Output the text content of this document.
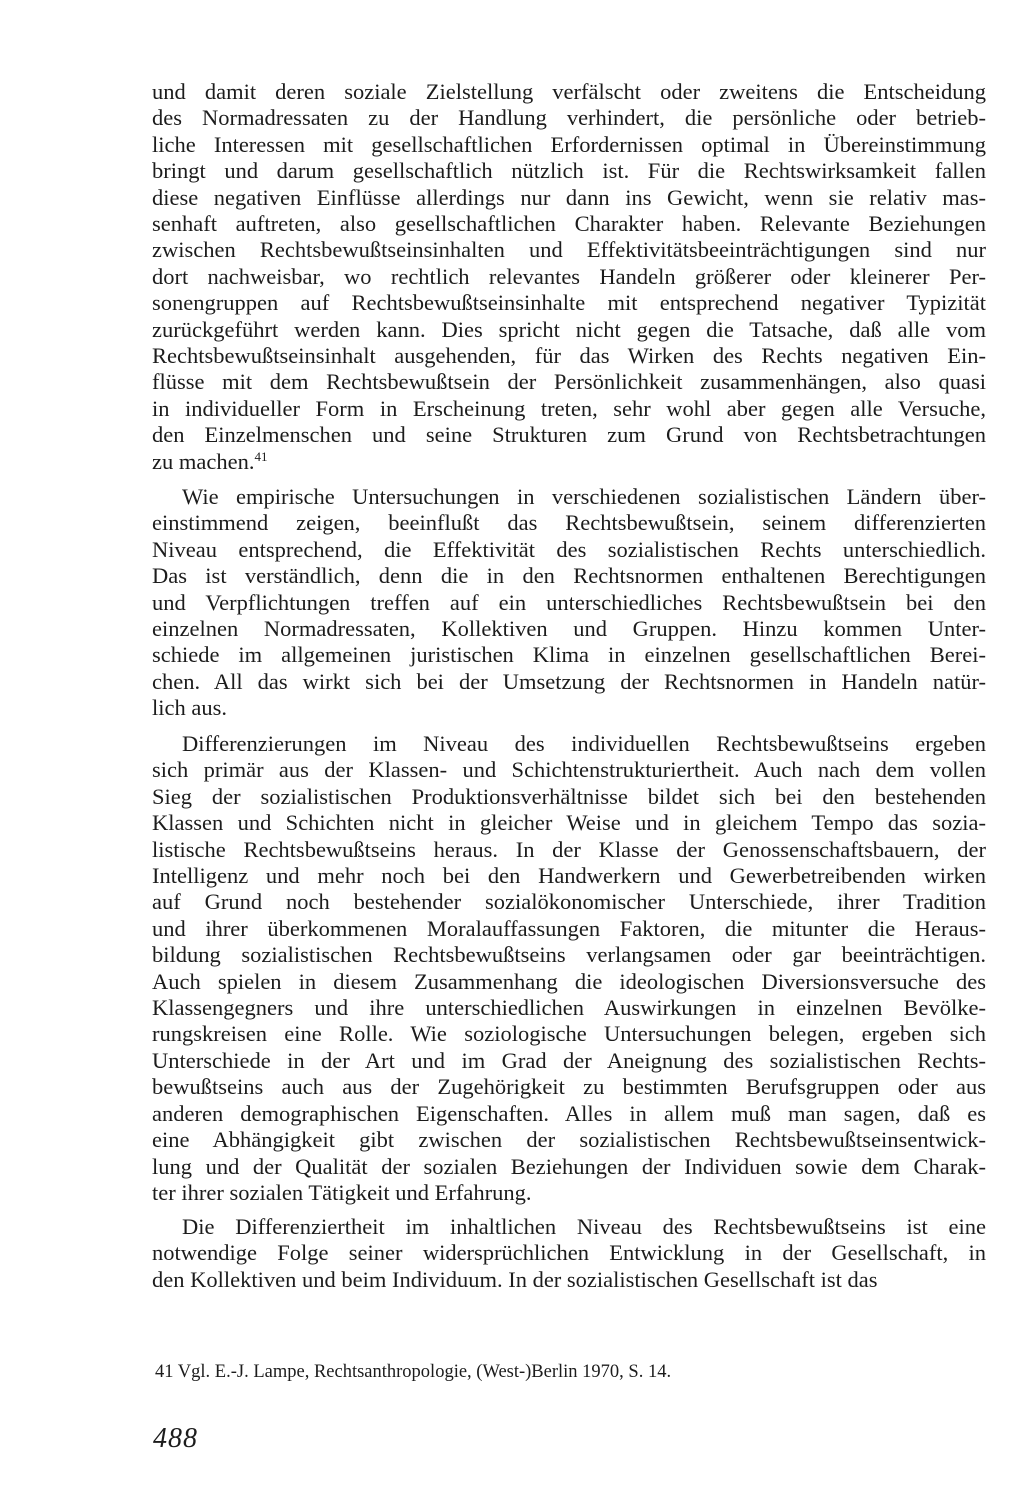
und damit deren soziale Zielstellung verfälscht oder zweitens die Entscheidung
des Normadressaten zu der Handlung verhindert, die persönliche oder betrieb-
liche Interessen mit gesellschaftlichen Erfordernissen optimal in Übereinstimmung
bringt und darum gesellschaftlich nützlich ist. Für die Rechtswirksamkeit fallen
diese negativen Einflüsse allerdings nur dann ins Gewicht, wenn sie relativ mas-
senhaft auftreten, also gesellschaftlichen Charakter haben. Relevante Beziehungen
zwischen Rechtsbewußtseinsinhalten und Effektivitätsbeeinträchtigungen sind nur
dort nachweisbar, wo rechtlich relevantes Handeln größerer oder kleinerer Per-
sonengruppen auf Rechtsbewußtseinsinhalte mit entsprechend negativer Typizität
zurückgeführt werden kann. Dies spricht nicht gegen die Tatsache, daß alle vom
Rechtsbewußtseinsinhalt ausgehenden, für das Wirken des Rechts negativen Ein-
flüsse mit dem Rechtsbewußtsein der Persönlichkeit zusammenhängen, also quasi
in individueller Form in Erscheinung treten, sehr wohl aber gegen alle Versuche,
den Einzelmenschen und seine Strukturen zum Grund von Rechtsbetrachtungen
zu machen.$^{41}$
Wie empirische Untersuchungen in verschiedenen sozialistischen Ländern über-
einstimmend zeigen, beeinflußt das Rechtsbewußtsein, seinem differenzierten
Niveau entsprechend, die Effektivität des sozialistischen Rechts unterschiedlich.
Das ist verständlich, denn die in den Rechtsnormen enthaltenen Berechtigungen
und Verpflichtungen treffen auf ein unterschiedliches Rechtsbewußtsein bei den
einzelnen Normadressaten, Kollektiven und Gruppen. Hinzu kommen Unter-
schiede im allgemeinen juristischen Klima in einzelnen gesellschaftlichen Berei-
chen. All das wirkt sich bei der Umsetzung der Rechtsnormen in Handeln natür-
lich aus.
Differenzierungen im Niveau des individuellen Rechtsbewußtseins ergeben
sich primär aus der Klassen- und Schichtenstrukturiertheit. Auch nach dem vollen
Sieg der sozialistischen Produktionsverhältnisse bildet sich bei den bestehenden
Klassen und Schichten nicht in gleicher Weise und in gleichem Tempo das sozia-
listische Rechtsbewußtseins heraus. In der Klasse der Genossenschaftsbauern, der
Intelligenz und mehr noch bei den Handwerkern und Gewerbetreibenden wirken
auf Grund noch bestehender sozialökonomischer Unterschiede, ihrer Tradition
und ihrer überkommenen Moralauffassungen Faktoren, die mitunter die Heraus-
bildung sozialistischen Rechtsbewußtseins verlangsamen oder gar beeinträchtigen.
Auch spielen in diesem Zusammenhang die ideologischen Diversionsversuche des
Klassengegners und ihre unterschiedlichen Auswirkungen in einzelnen Bevölke-
rungskreisen eine Rolle. Wie soziologische Untersuchungen belegen, ergeben sich
Unterschiede in der Art und im Grad der Aneignung des sozialistischen Rechts-
bewußtseins auch aus der Zugehörigkeit zu bestimmten Berufsgruppen oder aus
anderen demographischen Eigenschaften. Alles in allem muß man sagen, daß es
eine Abhängigkeit gibt zwischen der sozialistischen Rechtsbewußtseinsentwick-
lung und der Qualität der sozialen Beziehungen der Individuen sowie dem Charak-
ter ihrer sozialen Tätigkeit und Erfahrung.
Die Differenziertheit im inhaltlichen Niveau des Rechtsbewußtseins ist eine
notwendige Folge seiner widersprüchlichen Entwicklung in der Gesellschaft, in
den Kollektiven und beim Individuum. In der sozialistischen Gesellschaft ist das
41 Vgl. E.-J. Lampe, Rechtsanthropologie, (West-)Berlin 1970, S. 14.
488
